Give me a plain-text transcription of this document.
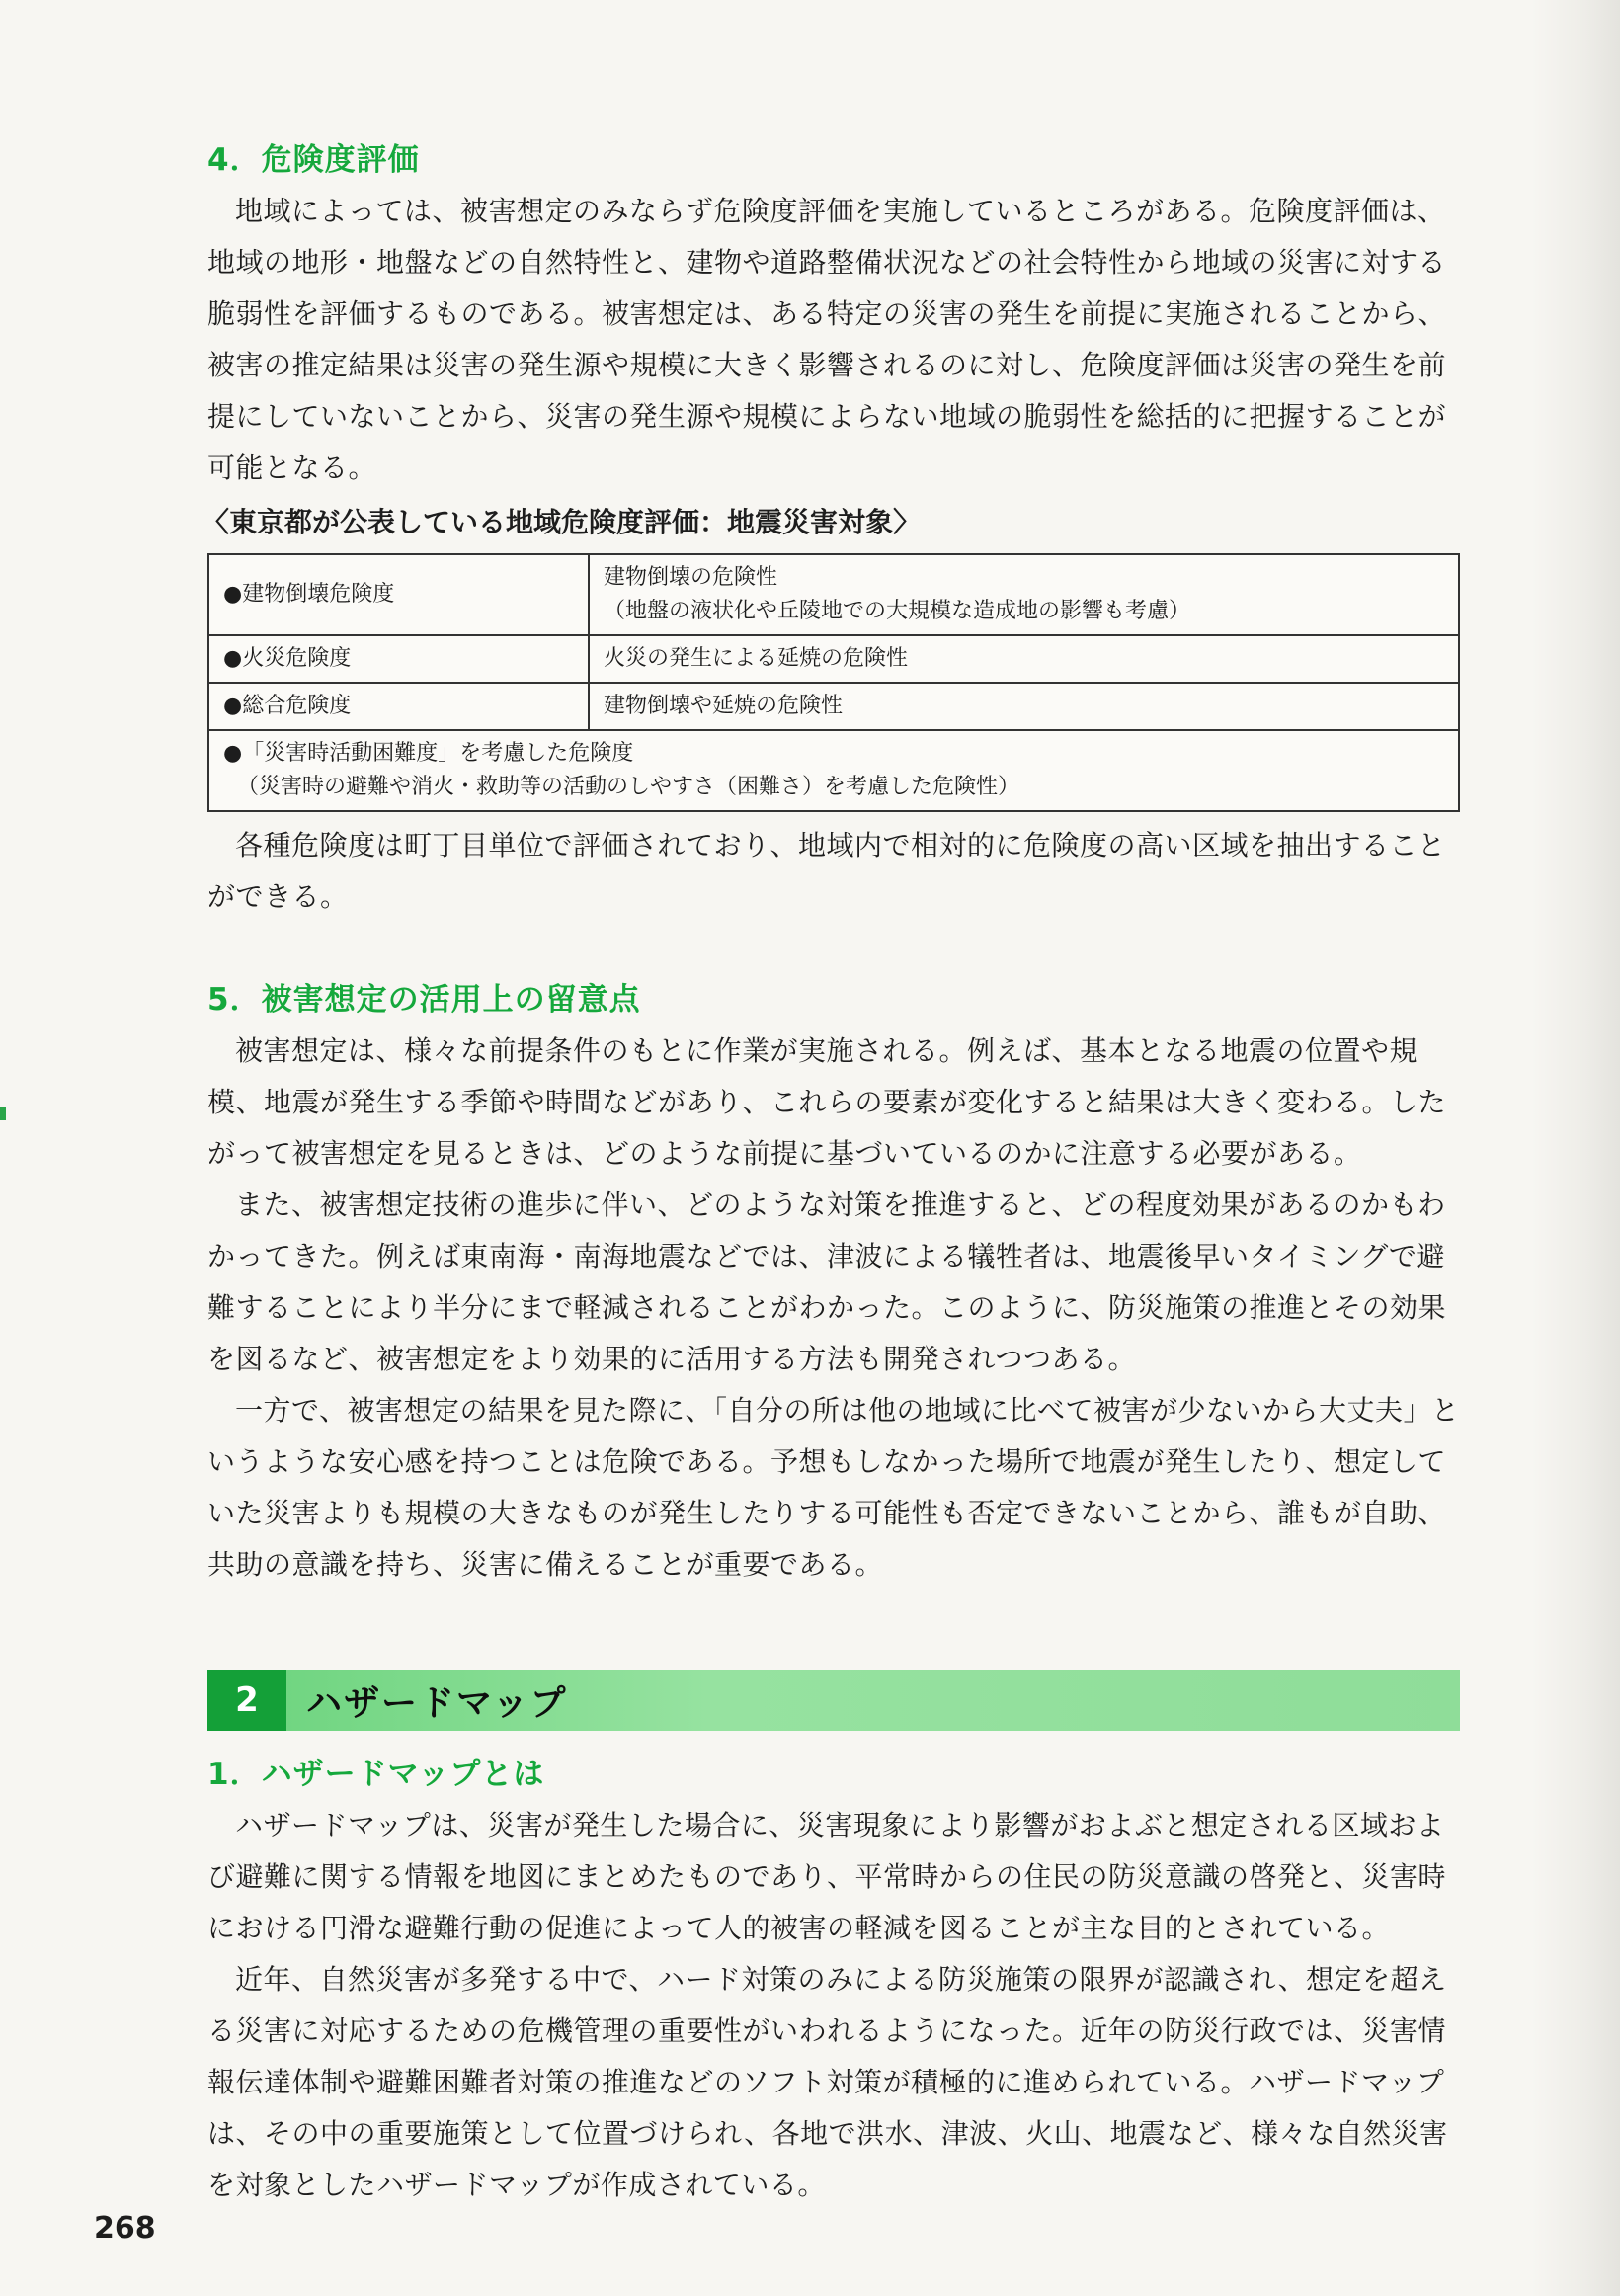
4．危険度評価

地域によっては、被害想定のみならず危険度評価を実施しているところがある。危険度評価は、地域の地形・地盤などの自然特性と、建物や道路整備状況などの社会特性から地域の災害に対する脆弱性を評価するものである。被害想定は、ある特定の災害の発生を前提に実施されることから、被害の推定結果は災害の発生源や規模に大きく影響されるのに対し、危険度評価は災害の発生を前提にしていないことから、災害の発生源や規模によらない地域の脆弱性を総括的に把握することが可能となる。

〈東京都が公表している地域危険度評価：地震災害対象〉
●建物倒壊危険度	建物倒壊の危険性
（地盤の液状化や丘陵地での大規模な造成地の影響も考慮）

●火災危険度	火災の発生による延焼の危険性
●総合危険度	建物倒壊や延焼の危険性

●「災害時活動困難度」を考慮した危険度
（災害時の避難や消火・救助等の活動のしやすさ（困難さ）を考慮した危険性）	

各種危険度は町丁目単位で評価されており、地域内で相対的に危険度の高い区域を抽出することができる。

5．被害想定の活用上の留意点

被害想定は、様々な前提条件のもとに作業が実施される。例えば、基本となる地震の位置や規模、地震が発生する季節や時間などがあり、これらの要素が変化すると結果は大きく変わる。したがって被害想定を見るときは、どのような前提に基づいているのかに注意する必要がある。

また、被害想定技術の進歩に伴い、どのような対策を推進すると、どの程度効果があるのかもわかってきた。例えば東南海・南海地震などでは、津波による犠牲者は、地震後早いタイミングで避難することにより半分にまで軽減されることがわかった。このように、防災施策の推進とその効果を図るなど、被害想定をより効果的に活用する方法も開発されつつある。

一方で、被害想定の結果を見た際に、「自分の所は他の地域に比べて被害が少ないから大丈夫」というような安心感を持つことは危険である。予想もしなかった場所で地震が発生したり、想定していた災害よりも規模の大きなものが発生したりする可能性も否定できないことから、誰もが自助、共助の意識を持ち、災害に備えることが重要である。

2	ハザードマップ
1．ハザードマップとは

ハザードマップは、災害が発生した場合に、災害現象により影響がおよぶと想定される区域および避難に関する情報を地図にまとめたものであり、平常時からの住民の防災意識の啓発と、災害時における円滑な避難行動の促進によって人的被害の軽減を図ることが主な目的とされている。

近年、自然災害が多発する中で、ハード対策のみによる防災施策の限界が認識され、想定を超える災害に対応するための危機管理の重要性がいわれるようになった。近年の防災行政では、災害情報伝達体制や避難困難者対策の推進などのソフト対策が積極的に進められている。ハザードマップは、その中の重要施策として位置づけられ、各地で洪水、津波、火山、地震など、様々な自然災害を対象としたハザードマップが作成されている。

268
